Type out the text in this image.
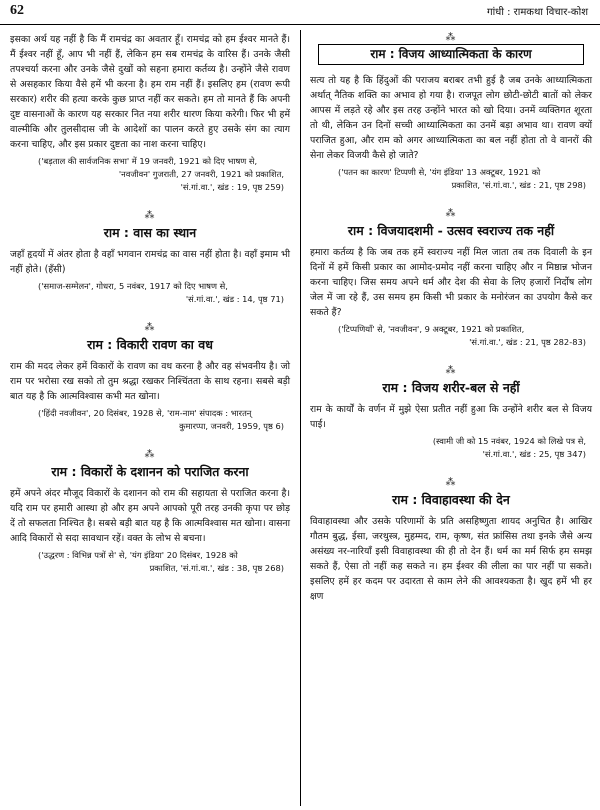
62	गांधी : रामकथा विचार-कोश

इसका अर्थ यह नहीं है कि मैं रामचंद्र का अवतार हूँ। रामचंद्र को हम ईश्वर मानते हैं। मैं ईश्वर नहीं हूँ, आप भी नहीं हैं, लेकिन हम सब रामचंद्र के वारिस हैं। उनके जैसी तपश्चर्या करना और उनके जैसे दुखों को सहना हमारा कर्तव्य है। उन्होंने जैसे रावण से असहकार किया वैसे हमें भी करना है। हम राम नहीं हैं। इसलिए हम (रावण रूपी सरकार) शरीर की हत्या करके कुछ प्राप्त नहीं कर सकते। हम तो मानते हैं कि अपनी दुष्ट वासनाओं के कारण यह सरकार नित नया शरीर धारण किया करेगी। फिर भी हमें वाल्मीकि और तुलसीदास जी के आदेशों का पालन करते हुए उसके संग का त्याग करना चाहिए, और इस प्रकार दुष्टता का नाश करना चाहिए।

('बड़ताल की सार्वजनिक सभा' में 19 जनवरी, 1921 को दिए भाषण से,

'नवजीवन' गुजराती, 27 जनवरी, 1921 को प्रकाशित,
'सं.गां.वा.', खंड : 19, पृष्ठ 259)
⁂
राम : वास का स्थान

जहाँ हृदयों में अंतर होता है वहाँ भगवान रामचंद्र का वास नहीं होता है। वहाँ इमाम भी नहीं होते। (हँसी)

('समाज-सम्मेलन', गोधरा, 5 नवंबर, 1917 को दिए भाषण से,
'सं.गां.वा.', खंड : 14, पृष्ठ 71)
⁂
राम : विकारी रावण का वध

राम की मदद लेकर हमें विकारों के रावण का वध करना है और वह संभवनीय है। जो राम पर भरोसा रख सको तो तुम श्रद्धा रखकर निश्चिंतता के साथ रहना। सबसे बड़ी बात यह है कि आत्मविश्वास कभी मत खोना।

('हिंदी नवजीवन', 20 दिसंबर, 1928 से, 'राम-नाम' संपादक : भारतन्
कुमारप्पा, जनवरी, 1959, पृष्ठ 6)
⁂
राम : विकारों के दशानन को पराजित करना

हमें अपने अंदर मौजूद विकारों के दशानन को राम की सहायता से पराजित करना है। यदि राम पर हमारी आस्था हो और हम अपने आपको पूरी तरह उनकी कृपा पर छोड़ दें तो सफलता निश्चित है। सबसे बड़ी बात यह है कि आत्मविश्वास मत खोना। वासना आदि विकारों से सदा सावधान रहें। वक्त के लोभ से बचना।

('उद्धरण : विभिन्न पत्रों से' से, 'यंग इंडिया' 20 दिसंबर, 1928 को
प्रकाशित, 'सं.गां.वा.', खंड : 38, पृष्ठ 268)
⁂
राम : विजय आध्यात्मिकता के कारण

सत्य तो यह है कि हिंदुओं की पराजय बराबर तभी हुई है जब उनके आध्यात्मिकता अर्थात् नैतिक शक्ति का अभाव हो गया है। राजपूत लोग छोटी-छोटी बातों को लेकर आपस में लड़ते रहे और इस तरह उन्होंने भारत को खो दिया। उनमें व्यक्तिगत शूरता तो थी, लेकिन उन दिनों सच्ची आध्यात्मिकता का उनमें बड़ा अभाव था। रावण क्यों पराजित हुआ, और राम को अगर आध्यात्मिकता का बल नहीं होता तो वे वानरों की सेना लेकर विजयी कैसे हो जाते?

('पतन का कारण' टिप्पणी से, 'यंग इंडिया' 13 अक्टूबर, 1921 को
प्रकाशित, 'सं.गां.वा.', खंड : 21, पृष्ठ 298)
⁂
राम : विजयादशमी - उत्सव स्वराज्य तक नहीं

हमारा कर्तव्य है कि जब तक हमें स्वराज्य नहीं मिल जाता तब तक दिवाली के इन दिनों में हमें किसी प्रकार का आमोद-प्रमोद नहीं करना चाहिए और न मिष्ठान्न भोजन करना चाहिए। जिस समय अपने धर्म और देश की सेवा के लिए हजारों निर्दोष लोग जेल में जा रहे हैं, उस समय हम किसी भी प्रकार के मनोरंजन का उपयोग कैसे कर सकते हैं?

('टिप्पणियाँ' से, 'नवजीवन', 9 अक्टूबर, 1921 को प्रकाशित,
'सं.गां.वा.', खंड : 21, पृष्ठ 282-83)
⁂
राम : विजय शरीर-बल से नहीं

राम के कार्यों के वर्णन में मुझे ऐसा प्रतीत नहीं हुआ कि उन्होंने शरीर बल से विजय पाई।

(स्वामी जी को 15 नवंबर, 1924 को लिखे पत्र से,
'सं.गां.वा.', खंड : 25, पृष्ठ 347)
⁂
राम : विवाहावस्था की देन

विवाहावस्था और उसके परिणामों के प्रति असहिष्णुता शायद अनुचित है। आखिर गौतम बुद्ध, ईसा, जरथुस्त्र, मुहम्मद, राम, कृष्ण, संत फ्रांसिस तथा इनके जैसे अन्य असंख्य नर-नारियाँ इसी विवाहावस्था की ही तो देन हैं। धर्म का मर्म सिर्फ हम समझ सकते हैं, ऐसा तो नहीं कह सकते न। हम ईश्वर की लीला का पार नहीं पा सकते। इसलिए हमें हर कदम पर उदारता से काम लेने की आवश्यकता है। खुद हमें भी हर क्षण
